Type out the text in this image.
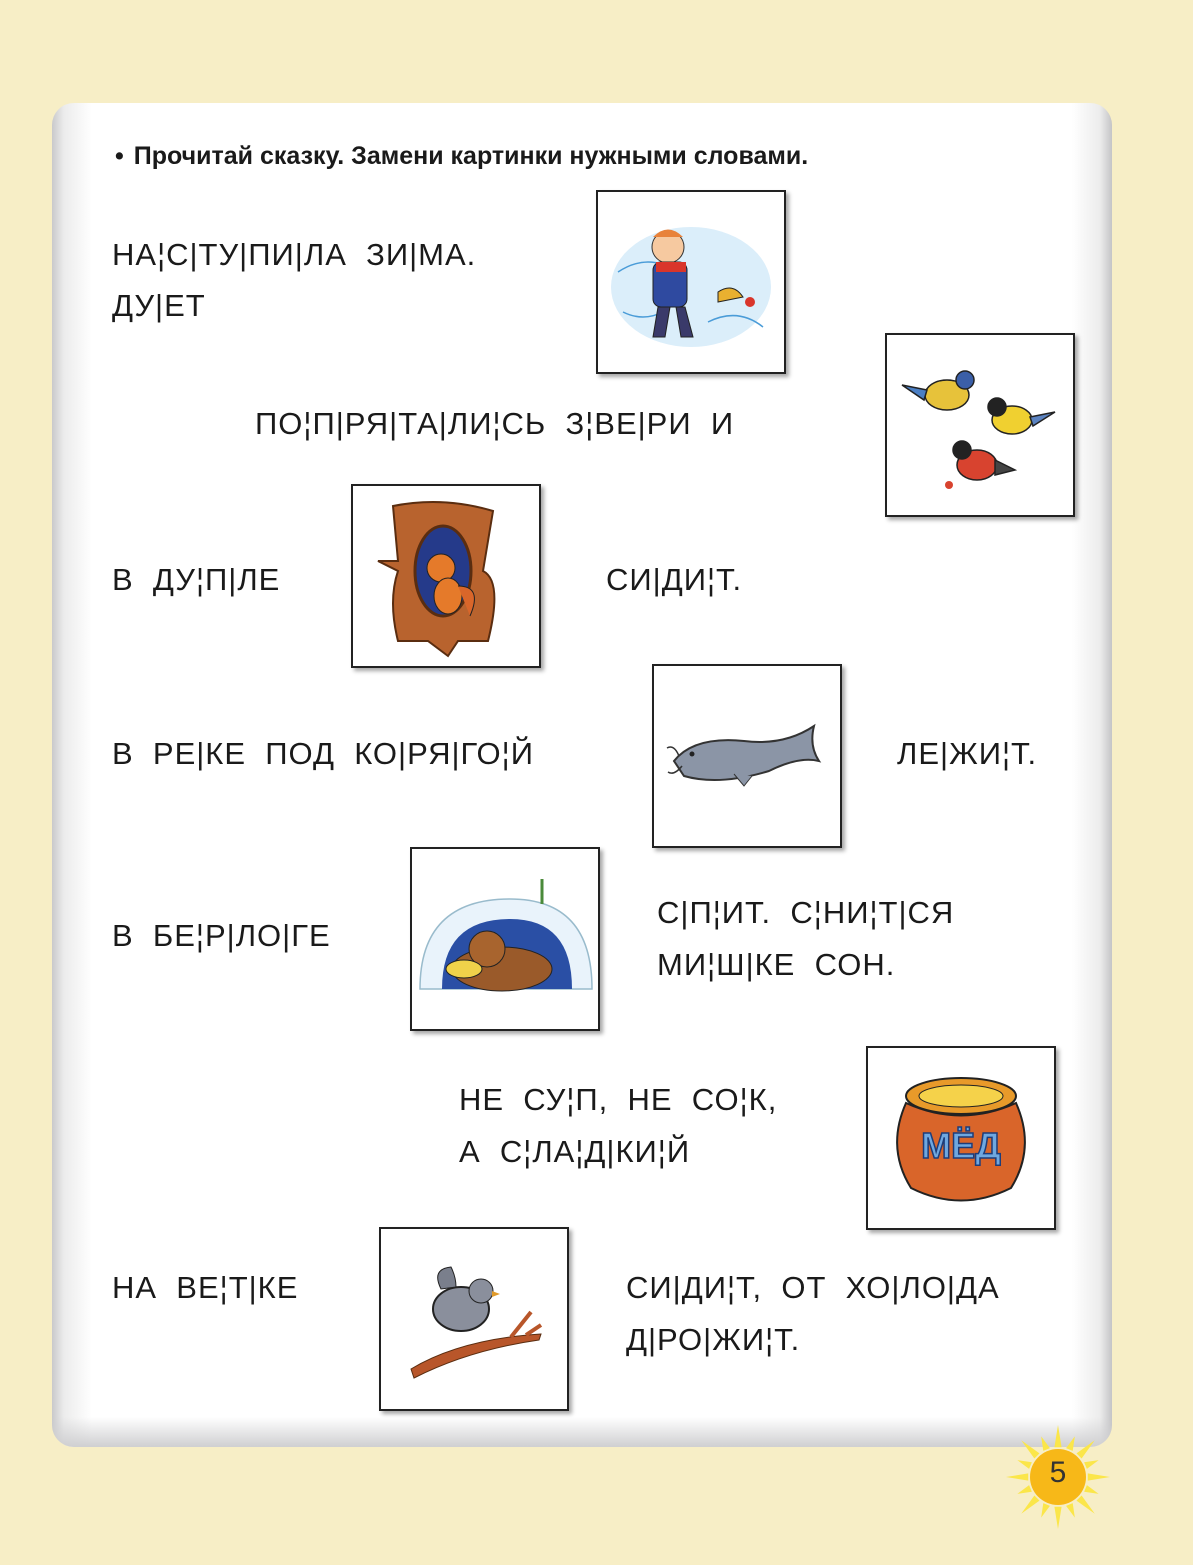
• Прочитай сказку. Замени картинки нужными словами.
НА¦С|ТУ|ПИ|ЛА  ЗИ|МА.
ДУ|ЕТ
ПО¦П|РЯ|ТА|ЛИ¦СЬ  З¦ВЕ|РИ  И
В  ДУ¦П|ЛЕ	СИ|ДИ¦Т.
В  РЕ|КЕ  ПОД  КО|РЯ|ГО¦Й	ЛЕ|ЖИ¦Т.
В  БЕ¦Р|ЛО|ГЕ
С|П¦ИТ.  С¦НИ¦Т|СЯ
МИ¦Ш|КЕ  СОН.
НЕ  СУ¦П,  НЕ  СО¦К,
А  С¦ЛА¦Д|КИ¦Й
НА  ВЕ¦Т|КЕ	СИ|ДИ¦Т,  ОТ  ХО|ЛО|ДА
Д|РО|ЖИ¦Т.
МЁД
5
